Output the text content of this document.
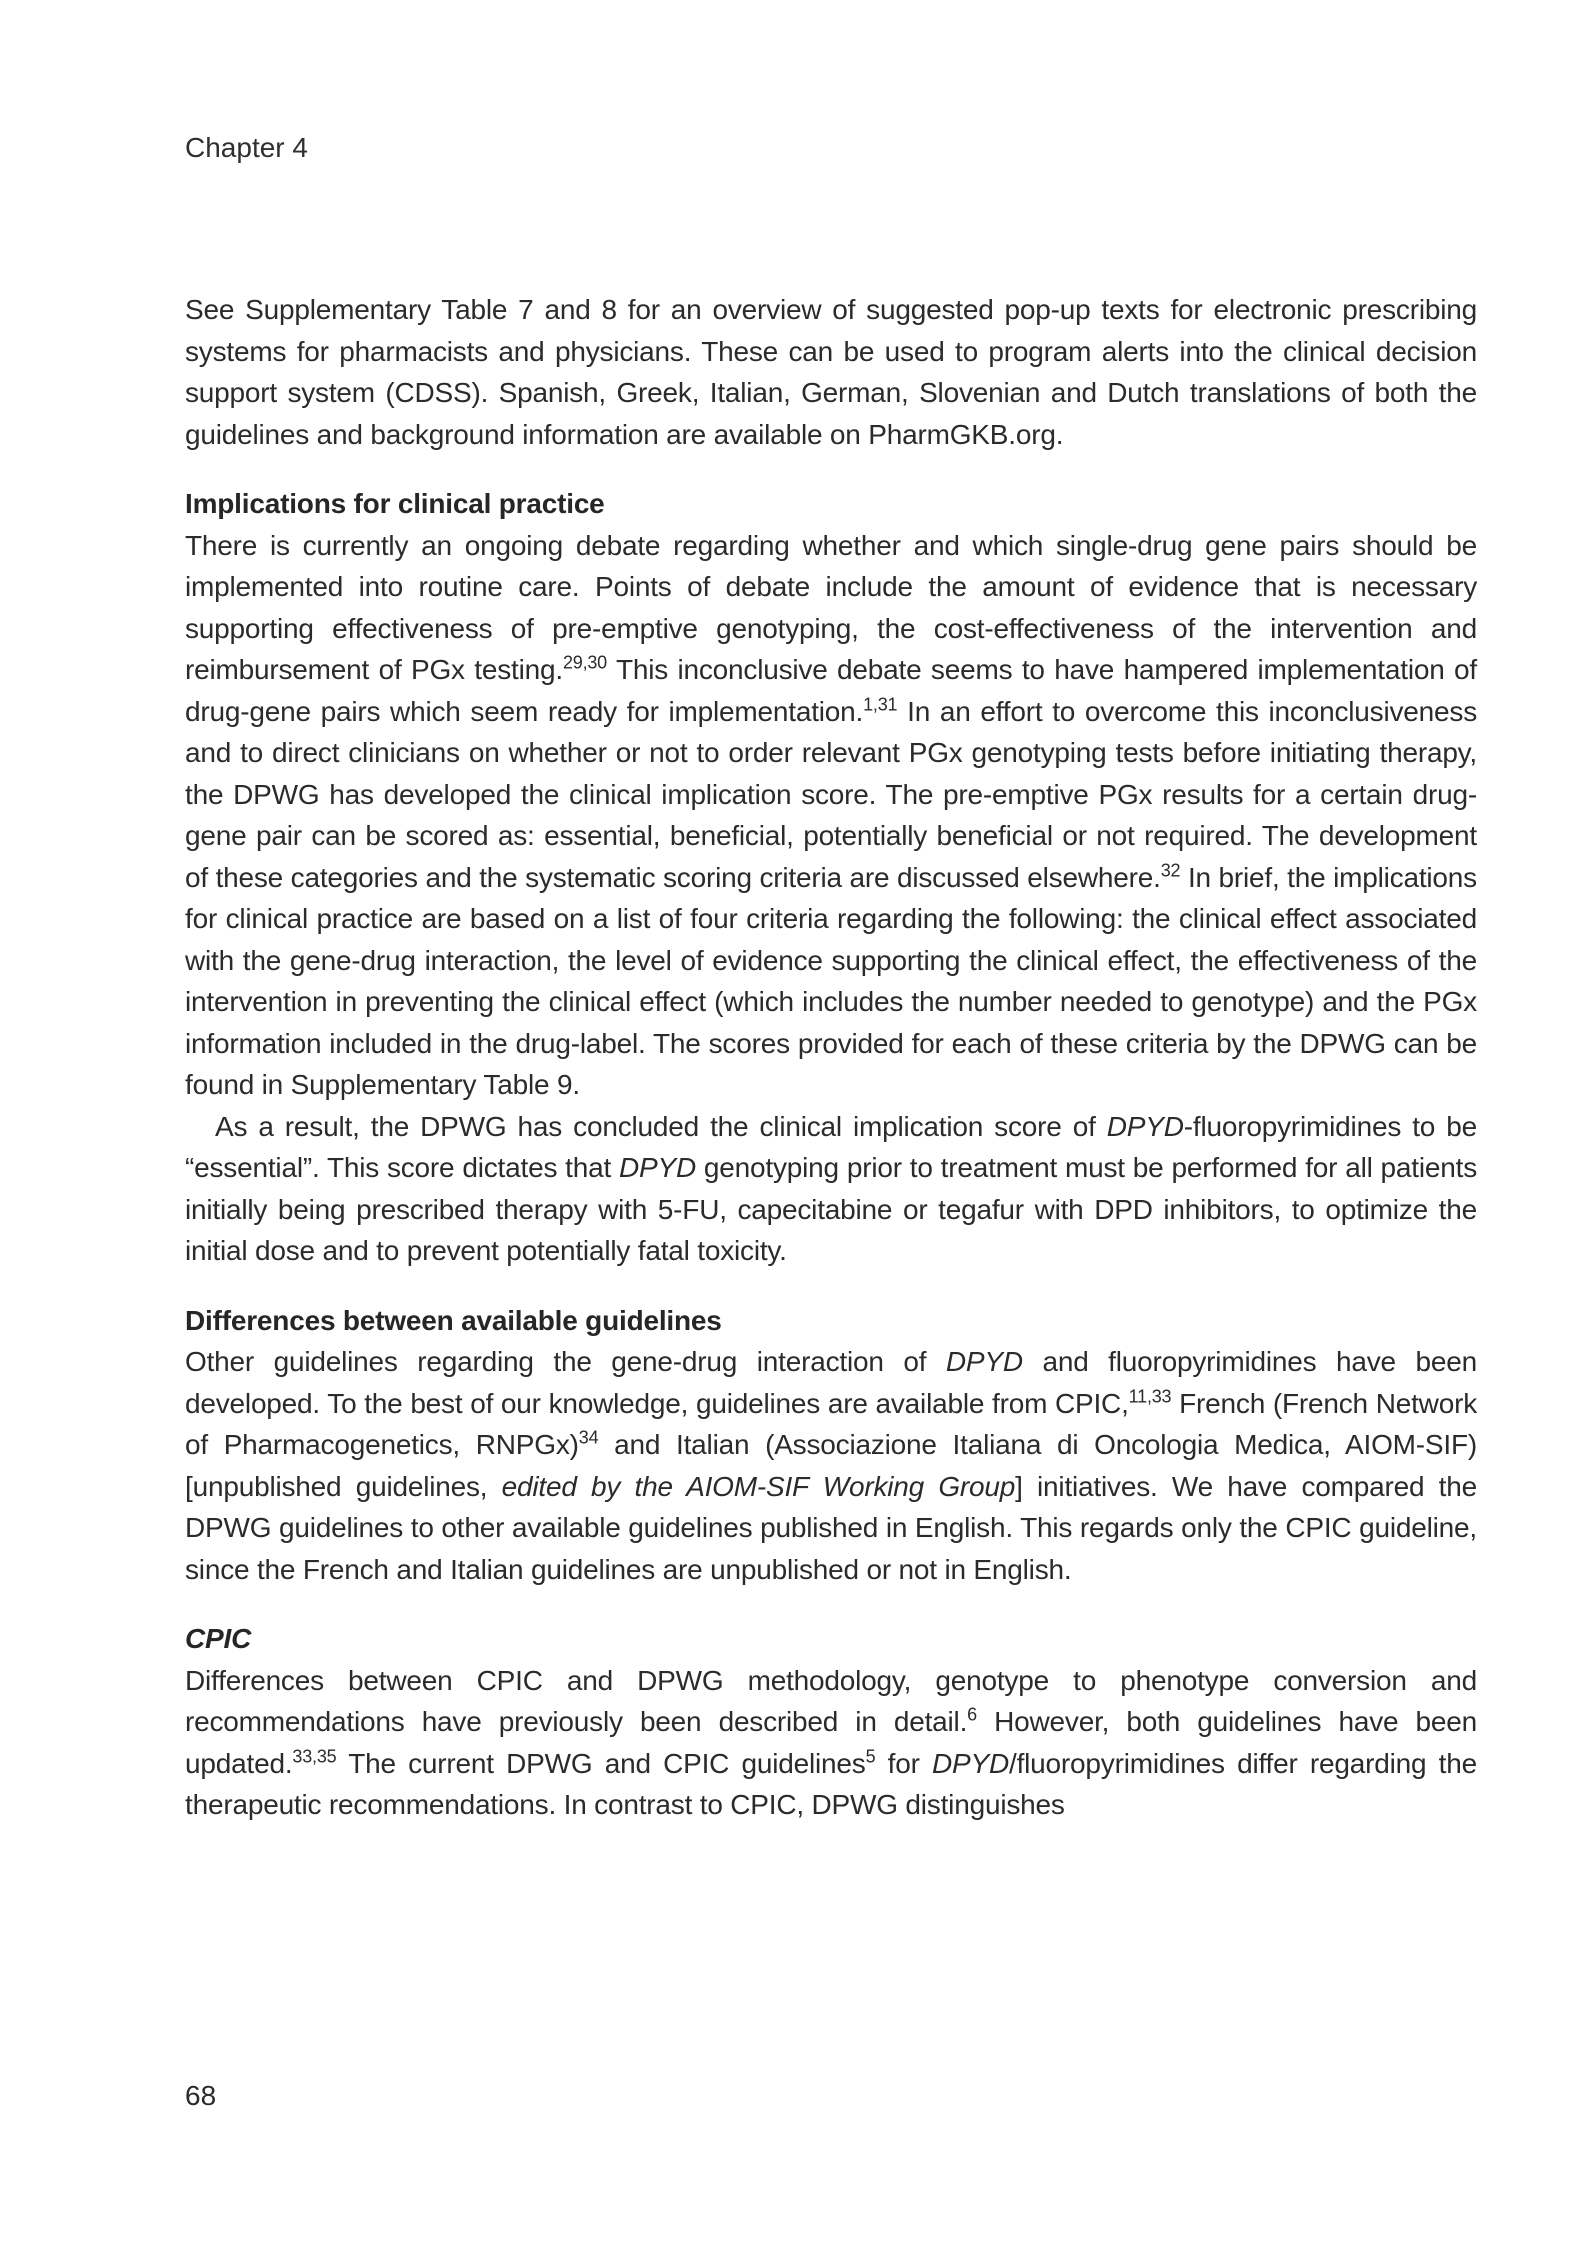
Chapter 4

See Supplementary Table 7 and 8 for an overview of suggested pop-up texts for electronic prescribing systems for pharmacists and physicians. These can be used to program alerts into the clinical decision support system (CDSS). Spanish, Greek, Italian, German, Slovenian and Dutch translations of both the guidelines and background information are available on PharmGKB.org.

Implications for clinical practice

There is currently an ongoing debate regarding whether and which single-drug gene pairs should be implemented into routine care. Points of debate include the amount of evidence that is necessary supporting effectiveness of pre-emptive genotyping, the cost-effectiveness of the intervention and reimbursement of PGx testing.$^{29,30}$ This inconclusive debate seems to have hampered implementation of drug-gene pairs which seem ready for implementation.$^{1,31}$ In an effort to overcome this inconclusiveness and to direct clinicians on whether or not to order relevant PGx genotyping tests before initiating therapy, the DPWG has developed the clinical implication score. The pre-emptive PGx results for a certain drug-gene pair can be scored as: essential, beneficial, potentially beneficial or not required. The development of these categories and the systematic scoring criteria are discussed elsewhere.$^{32}$ In brief, the implications for clinical practice are based on a list of four criteria regarding the following: the clinical effect associated with the gene-drug interaction, the level of evidence supporting the clinical effect, the effectiveness of the intervention in preventing the clinical effect (which includes the number needed to genotype) and the PGx information included in the drug-label. The scores provided for each of these criteria by the DPWG can be found in Supplementary Table 9.

As a result, the DPWG has concluded the clinical implication score of DPYD-fluoropyrimidines to be “essential”. This score dictates that DPYD genotyping prior to treatment must be performed for all patients initially being prescribed therapy with 5-FU, capecitabine or tegafur with DPD inhibitors, to optimize the initial dose and to prevent potentially fatal toxicity.

Differences between available guidelines

Other guidelines regarding the gene-drug interaction of DPYD and fluoropyrimidines have been developed. To the best of our knowledge, guidelines are available from CPIC,$^{11,33}$ French (French Network of Pharmacogenetics, RNPGx)$^{34}$ and Italian (Associazione Italiana di Oncologia Medica, AIOM-SIF) [unpublished guidelines, edited by the AIOM-SIF Working Group] initiatives. We have compared the DPWG guidelines to other available guidelines published in English. This regards only the CPIC guideline, since the French and Italian guidelines are unpublished or not in English.

CPIC

Differences between CPIC and DPWG methodology, genotype to phenotype conversion and recommendations have previously been described in detail.$^6$ However, both guidelines have been updated.$^{33,35}$ The current DPWG and CPIC guidelines$^5$ for DPYD/fluoropyrimidines differ regarding the therapeutic recommendations. In contrast to CPIC, DPWG distinguishes

68
